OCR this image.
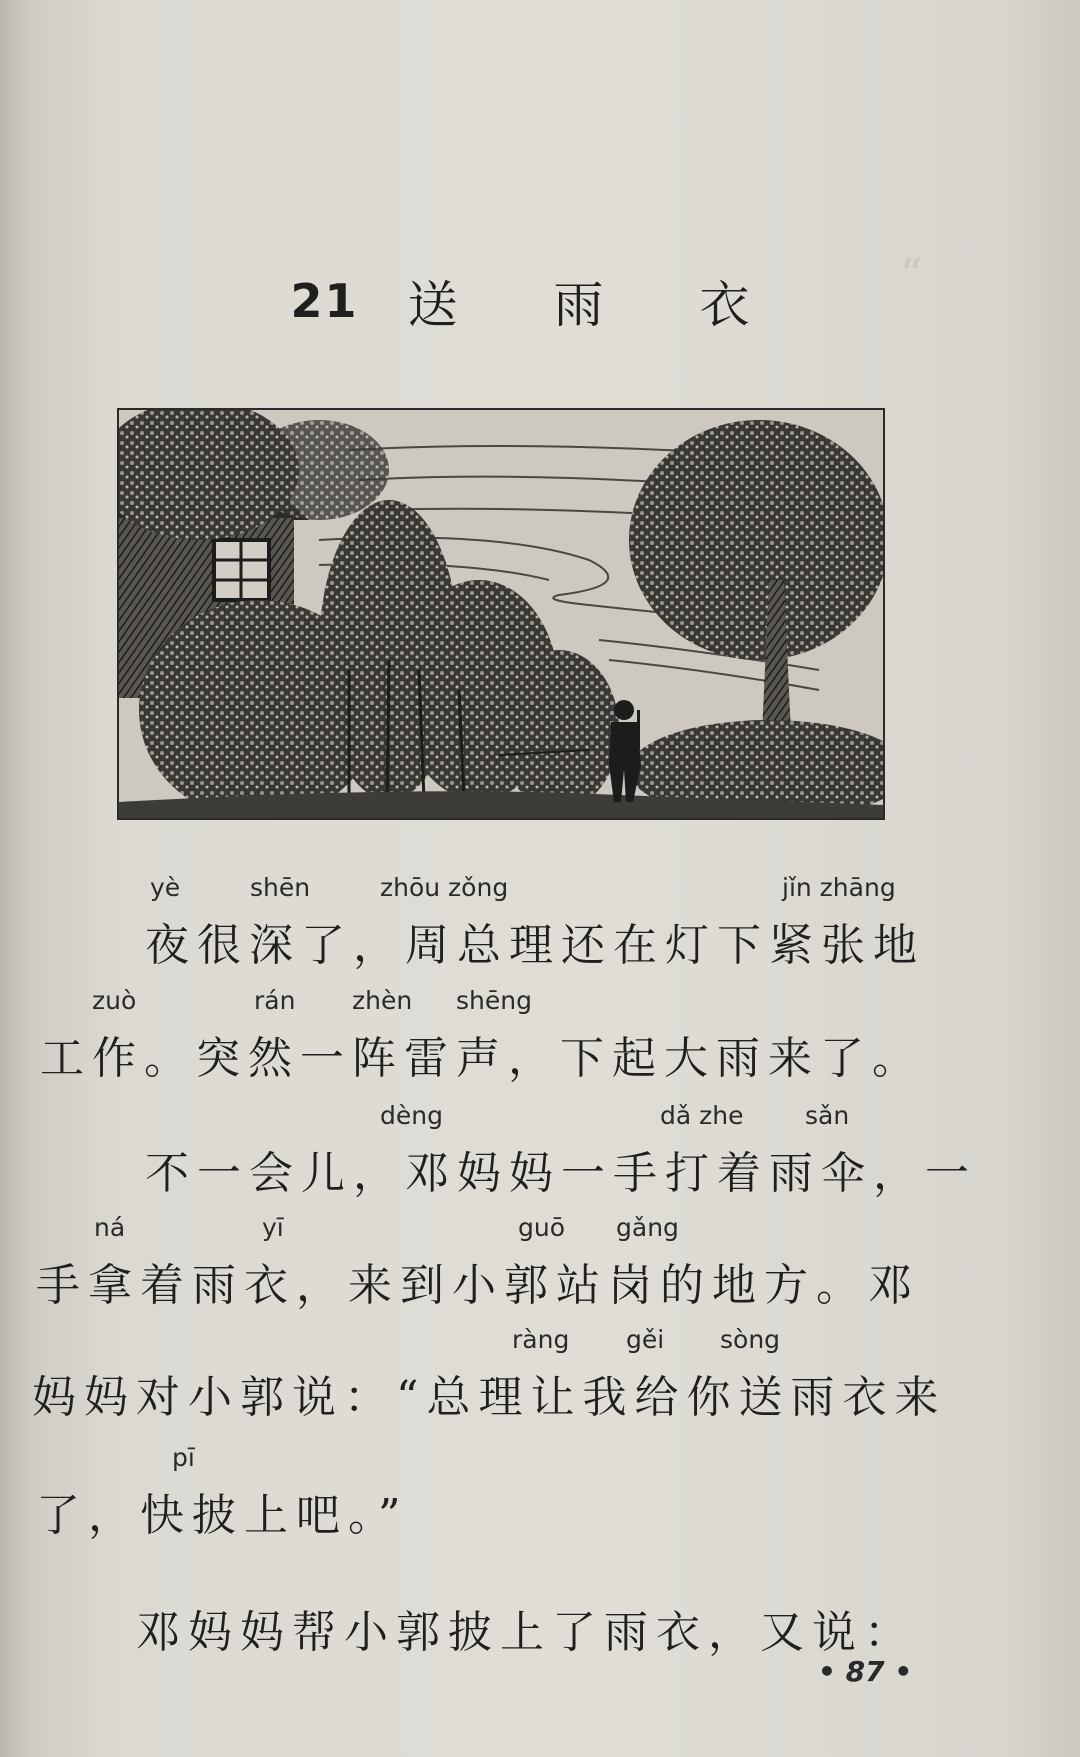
“
21 送 雨 衣
yè	shēn	zhōu zǒng	jǐn zhāng
夜很深了，周总理还在灯下紧张地
zuò	rán zhèn shēng
工作。突然一阵雷声，下起大雨来了。
dèng	dǎ zhe sǎn
不一会儿，邓妈妈一手打着雨伞，一
ná	yī	guō gǎng
手拿着雨衣，来到小郭站岗的地方。邓
ràng gěi sòng
妈妈对小郭说：“总理让我给你送雨衣来
pī
了，快披上吧。”
邓妈妈帮小郭披上了雨衣，又说：
• 87 •
